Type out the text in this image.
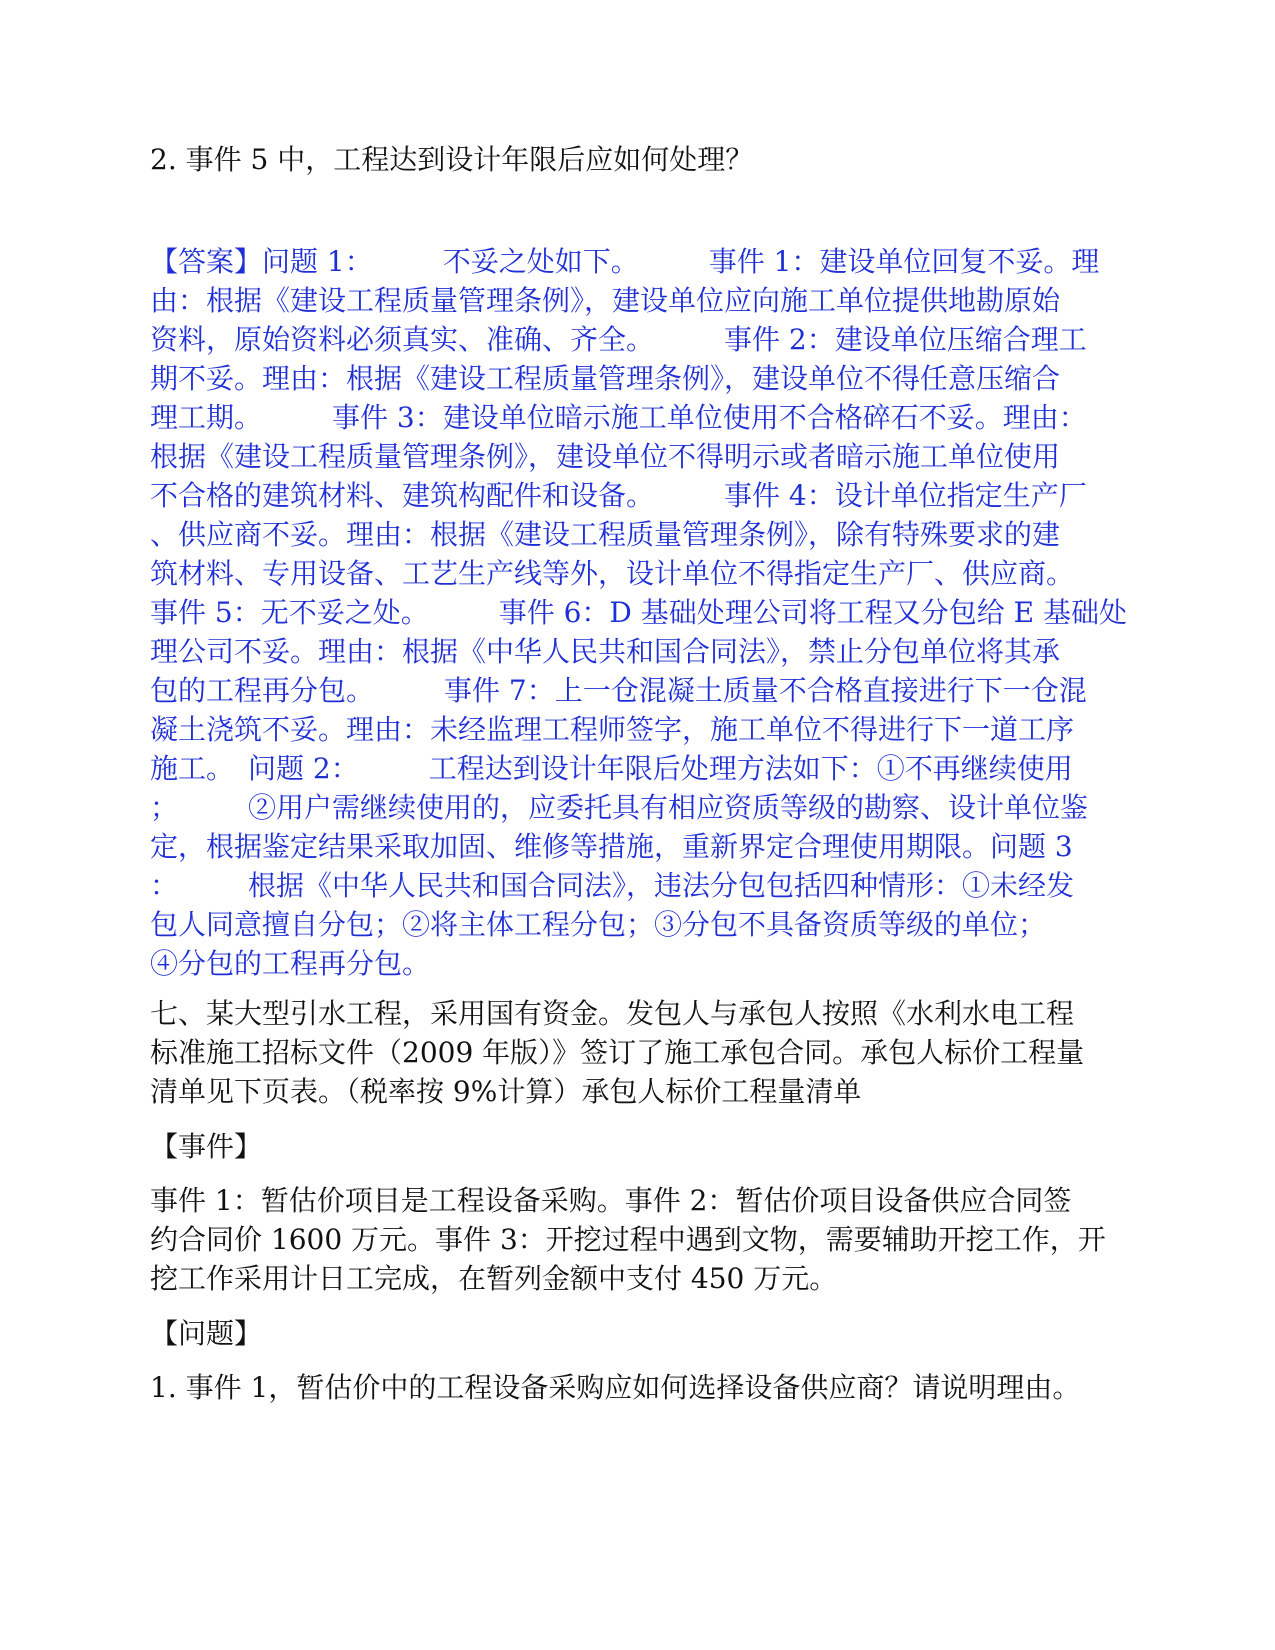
2. 事件 5 中，工程达到设计年限后应如何处理？

【答案】问题 1：　　　不妥之处如下。　　　事件 1：建设单位回复不妥。理
由：根据《建设工程质量管理条例》，建设单位应向施工单位提供地勘原始
资料，原始资料必须真实、准确、齐全。　　　事件 2：建设单位压缩合理工
期不妥。理由：根据《建设工程质量管理条例》，建设单位不得任意压缩合
理工期。　　　事件 3：建设单位暗示施工单位使用不合格碎石不妥。理由：
根据《建设工程质量管理条例》，建设单位不得明示或者暗示施工单位使用
不合格的建筑材料、建筑构配件和设备。　　　事件 4：设计单位指定生产厂
、供应商不妥。理由：根据《建设工程质量管理条例》，除有特殊要求的建
筑材料、专用设备、工艺生产线等外，设计单位不得指定生产厂、供应商。
事件 5：无不妥之处。　　　事件 6：D 基础处理公司将工程又分包给 E 基础处
理公司不妥。理由：根据《中华人民共和国合同法》，禁止分包单位将其承
包的工程再分包。　　　事件 7：上一仓混凝土质量不合格直接进行下一仓混
凝土浇筑不妥。理由：未经监理工程师签字，施工单位不得进行下一道工序
施工。　问题 2：　　　工程达到设计年限后处理方法如下：①不再继续使用
；　　　②用户需继续使用的，应委托具有相应资质等级的勘察、设计单位鉴
定，根据鉴定结果采取加固、维修等措施，重新界定合理使用期限。问题 3
：　　　根据《中华人民共和国合同法》，违法分包包括四种情形：①未经发
包人同意擅自分包；②将主体工程分包；③分包不具备资质等级的单位；
④分包的工程再分包。
七、某大型引水工程，采用国有资金。发包人与承包人按照《水利水电工程
标准施工招标文件（2009 年版）》签订了施工承包合同。承包人标价工程量
清单见下页表。（税率按 9%计算）承包人标价工程量清单

【事件】

事件 1：暂估价项目是工程设备采购。事件 2：暂估价项目设备供应合同签
约合同价 1600 万元。事件 3：开挖过程中遇到文物，需要辅助开挖工作，开
挖工作采用计日工完成，在暂列金额中支付 450 万元。

【问题】

1. 事件 1，暂估价中的工程设备采购应如何选择设备供应商？请说明理由。
